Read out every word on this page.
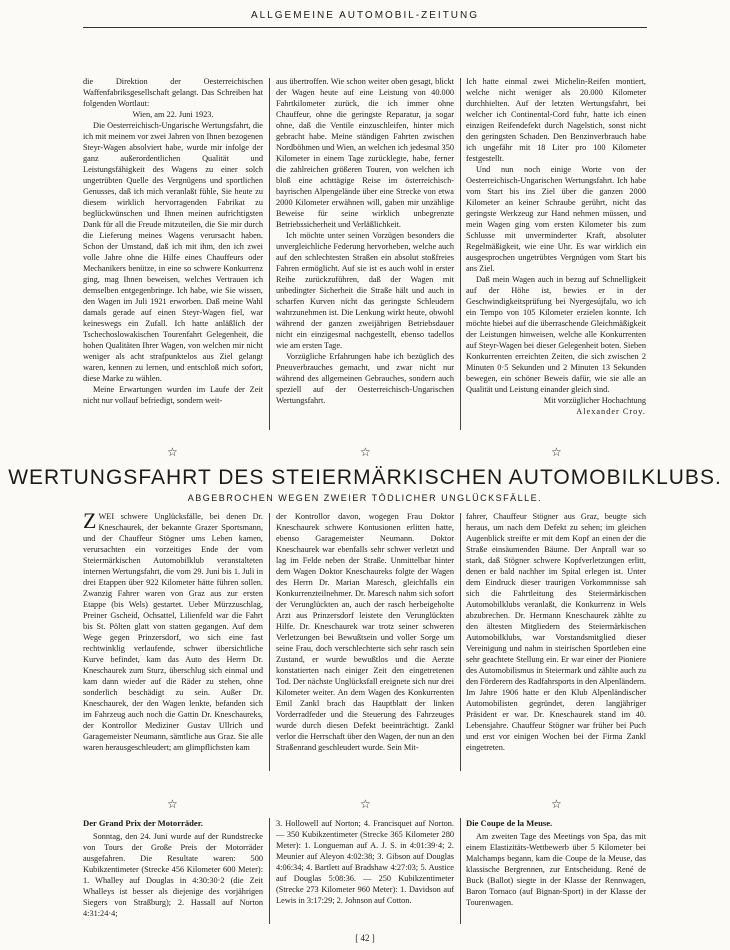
ALLGEMEINE AUTOMOBIL-ZEITUNG

die Direktion der Oesterreichischen Waffenfabriksgesellschaft gelangt. Das Schreiben hat folgenden Wortlaut:

Wien, am 22. Juni 1923.

Die Oesterreichisch-Ungarische Wertungsfahrt, die ich mit meinem vor zwei Jahren von Ihnen bezogenen Steyr-Wagen absolviert habe, wurde mir infolge der ganz außerordentlichen Qualität und Leistungsfähigkeit des Wagens zu einer solch ungetrübten Quelle des Vergnügens und sportlichen Genusses, daß ich mich veranlaßt fühle, Sie heute zu diesem wirklich hervorragenden Fabrikat zu beglückwünschen und Ihnen meinen aufrichtigsten Dank für all die Freude mitzuteilen, die Sie mir durch die Lieferung meines Wagens verursacht haben. Schon der Umstand, daß ich mit ihm, den ich zwei volle Jahre ohne die Hilfe eines Chauffeurs oder Mechanikers benütze, in eine so schwere Konkurrenz ging, mag Ihnen beweisen, welches Vertrauen ich demselben entgegenbringe. Ich habe, wie Sie wissen, den Wagen im Juli 1921 erworben. Daß meine Wahl damals gerade auf einen Steyr-Wagen fiel, war keineswegs ein Zufall. Ich hatte anläßlich der Tschechoslowakischen Tourenfahrt Gelegenheit, die hohen Qualitäten Ihrer Wagen, von welchen mir nicht weniger als acht strafpunktelos aus Ziel gelangt waren, kennen zu lernen, und entschloß mich sofort, diese Marke zu wählen.

Meine Erwartungen wurden im Laufe der Zeit nicht nur vollauf befriedigt, sondern weit-

aus übertroffen. Wie schon weiter oben gesagt, blickt der Wagen heute auf eine Leistung von 40.000 Fahrtkilometer zurück, die ich immer ohne Chauffeur, ohne die geringste Reparatur, ja sogar ohne, daß die Ventile einzuschleifen, hinter mich gebracht habe. Meine ständigen Fahrten zwischen Nordböhmen und Wien, an welchen ich jedesmal 350 Kilometer in einem Tage zurücklegte, habe, ferner die zahlreichen größeren Touren, von welchen ich bloß eine achttägige Reise im österreichisch-bayrischen Alpengelände über eine Strecke von etwa 2000 Kilometer erwähnen will, gaben mir unzählige Beweise für seine wirklich unbegrenzte Betriebssicherheit und Verläßlichkeit.

Ich möchte unter seinen Vorzügen besonders die unvergleichliche Federung hervorheben, welche auch auf den schlechtesten Straßen ein absolut stoßfreies Fahren ermöglicht. Auf sie ist es auch wohl in erster Reihe zurückzuführen, daß der Wagen mit unbedingter Sicherheit die Straße hält und auch in scharfen Kurven nicht das geringste Schleudern wahrzunehmen ist. Die Lenkung wirkt heute, obwohl während der ganzen zweijährigen Betriebsdauer nicht ein einzigesmal nachgestellt, ebenso tadellos wie am ersten Tage.

Vorzügliche Erfahrungen habe ich bezüglich des Pneuverbrauches gemacht, und zwar nicht nur während des allgemeinen Gebrauches, sondern auch speziell auf der Oesterreichisch-Ungarischen Wertungsfahrt.

Ich hatte einmal zwei Michelin-Reifen montiert, welche nicht weniger als 20.000 Kilometer durchhielten. Auf der letzten Wertungsfahrt, bei welcher ich Continental-Cord fuhr, hatte ich einen einzigen Reifendefekt durch Nagelstich, sonst nicht den geringsten Schaden. Den Benzinverbrauch habe ich ungefähr mit 18 Liter pro 100 Kilometer festgestellt.

Und nun noch einige Worte von der Oesterreichisch-Ungarischen Wertungsfahrt. Ich habe vom Start bis ins Ziel über die ganzen 2000 Kilometer an keiner Schraube gerührt, nicht das geringste Werkzeug zur Hand nehmen müssen, und mein Wagen ging vom ersten Kilometer bis zum Schlusse mit unverminderter Kraft, absoluter Regelmäßigkeit, wie eine Uhr. Es war wirklich ein ausgesprochen ungetrübtes Vergnügen vom Start bis ans Ziel.

Daß mein Wagen auch in bezug auf Schnelligkeit auf der Höhe ist, bewies er in der Geschwindigkeitsprüfung bei Nyergesújfalu, wo ich ein Tempo von 105 Kilometer erzielen konnte. Ich möchte hiebei auf die überraschende Gleichmäßigkeit der Leistungen hinweisen, welche alle Konkurrenten auf Steyr-Wagen bei dieser Gelegenheit boten. Sieben Konkurrenten erreichten Zeiten, die sich zwischen 2 Minuten 0·5 Sekunden und 2 Minuten 13 Sekunden bewegen, ein schöner Beweis dafür, wie sie alle an Qualität und Leistung einander gleich sind.

Mit vorzüglicher Hochachtung

Alexander Croy.

☆	☆	☆
WERTUNGSFAHRT DES STEIERMÄRKISCHEN AUTOMOBILKLUBS.
ABGEBROCHEN WEGEN ZWEIER TÖDLICHER UNGLÜCKSFÄLLE.

ZWEI schwere Unglücksfälle, bei denen Dr. Kneschaurek, der bekannte Grazer Sportsmann, und der Chauffeur Stögner ums Leben kamen, verursachten ein vorzeitiges Ende der vom Steiermärkischen Automobilklub veranstalteten internen Wertungsfahrt, die vom 29. Juni bis 1. Juli in drei Etappen über 922 Kilometer hätte führen sollen. Zwanzig Fahrer waren von Graz aus zur ersten Etappe (bis Wels) gestartet. Ueber Mürzzuschlag, Preiner Gscheid, Ochsattel, Lilienfeld war die Fahrt bis St. Pölten glatt von statten gegangen. Auf dem Wege gegen Prinzersdorf, wo sich eine fast rechtwinklig verlaufende, schwer übersichtliche Kurve befindet, kam das Auto des Herrn Dr. Kneschaurek zum Sturz, überschlug sich einmal und kam dann wieder auf die Räder zu stehen, ohne sonderlich beschädigt zu sein. Außer Dr. Kneschaurek, der den Wagen lenkte, befanden sich im Fahrzeug auch noch die Gattin Dr. Kneschaureks, der Kontrollor Mediziner Gustav Ullrich und Garagemeister Neumann, sämtliche aus Graz. Sie alle waren herausgeschleudert; am glimpflichsten kam

der Kontrollor davon, wogegen Frau Doktor Kneschaurek schwere Kontusionen erlitten hatte, ebenso Garagemeister Neumann. Doktor Kneschaurek war ebenfalls sehr schwer verletzt und lag im Felde neben der Straße. Unmittelbar hinter dem Wagen Doktor Kneschaureks folgte der Wagen des Herrn Dr. Marian Maresch, gleichfalls ein Konkurrenzteilnehmer. Dr. Maresch nahm sich sofort der Verunglückten an, auch der rasch herbeigeholte Arzt aus Prinzersdorf leistete den Verunglückten Hilfe. Dr. Kneschaurek war trotz seiner schweren Verletzungen bei Bewußtsein und voller Sorge um seine Frau, doch verschlechterte sich sehr rasch sein Zustand, er wurde bewußtlos und die Aerzte konstatierten nach einiger Zeit den eingetretenen Tod. Der nächste Unglücksfall ereignete sich nur drei Kilometer weiter. An dem Wagen des Konkurrenten Emil Zankl brach das Hauptblatt der linken Vorderradfeder und die Steuerung des Fahrzeuges wurde durch diesen Defekt beeinträchtigt. Zankl verlor die Herrschaft über den Wagen, der nun an den Straßenrand geschleudert wurde. Sein Mit-

fahrer, Chauffeur Stögner aus Graz, beugte sich heraus, um nach dem Defekt zu sehen; im gleichen Augenblick streifte er mit dem Kopf an einen der die Straße einsäumenden Bäume. Der Anprall war so stark, daß Stögner schwere Kopfverletzungen erlitt, denen er bald nachher im Spital erlegen ist. Unter dem Eindruck dieser traurigen Vorkommnisse sah sich die Fahrtleitung des Steiermärkischen Automobilklubs veranlaßt, die Konkurrenz in Wels abzubrechen. Dr. Hermann Kneschaurek zählte zu den ältesten Mitgliedern des Steiermärkischen Automobilklubs, war Vorstandsmitglied dieser Vereinigung und nahm in steirischen Sportleben eine sehr geachtete Stellung ein. Er war einer der Pioniere des Automobilismus in Steiermark und zählte auch zu den Förderern des Radfahrsports in den Alpenländern. Im Jahre 1906 hatte er den Klub Alpenländischer Automobilisten gegründet, deren langjähriger Präsident er war. Dr. Kneschaurek stand im 40. Lebensjahre. Chauffeur Stögner war früher bei Puch und erst vor einigen Wochen bei der Firma Zankl eingetreten.

☆	☆	☆
Der Grand Prix der Motorräder.

Sonntag, den 24. Juni wurde auf der Rundstrecke von Tours der Große Preis der Motorräder ausgefahren. Die Resultate waren: 500 Kubikzentimeter (Strecke 456 Kilometer 600 Meter): 1. Whalley auf Douglas in 4:30:30·2 (die Zeit Whalleys ist besser als diejenige des vorjährigen Siegers von Straßburg); 2. Hassall auf Norton 4:31:24·4;

3. Hollowell auf Norton; 4. Francisquet auf Norton. — 350 Kubikzentimeter (Strecke 365 Kilometer 280 Meter): 1. Longueman auf A. J. S. in 4:01:39·4; 2. Meunier auf Aleyon 4:02:38; 3. Gibson auf Douglas 4:06:34; 4. Bartlett auf Bradshaw 4:27:03; 5. Austice auf Douglas 5:08:36. — 250 Kubikzentimeter (Strecke 273 Kilometer 960 Meter): 1. Davidson auf Lewis in 3:17:29; 2. Johnson auf Cotton.

Die Coupe de la Meuse.

Am zweiten Tage des Meetings von Spa, das mit einem Elastizitäts-Wettbewerb über 5 Kilometer bei Malchamps begann, kam die Coupe de la Meuse, das klassische Bergrennen, zur Entscheidung. René de Buck (Ballot) siegte in der Klasse der Rennwagen, Baron Tornaco (auf Bignan-Sport) in der Klasse der Tourenwagen.

[ 42 ]
